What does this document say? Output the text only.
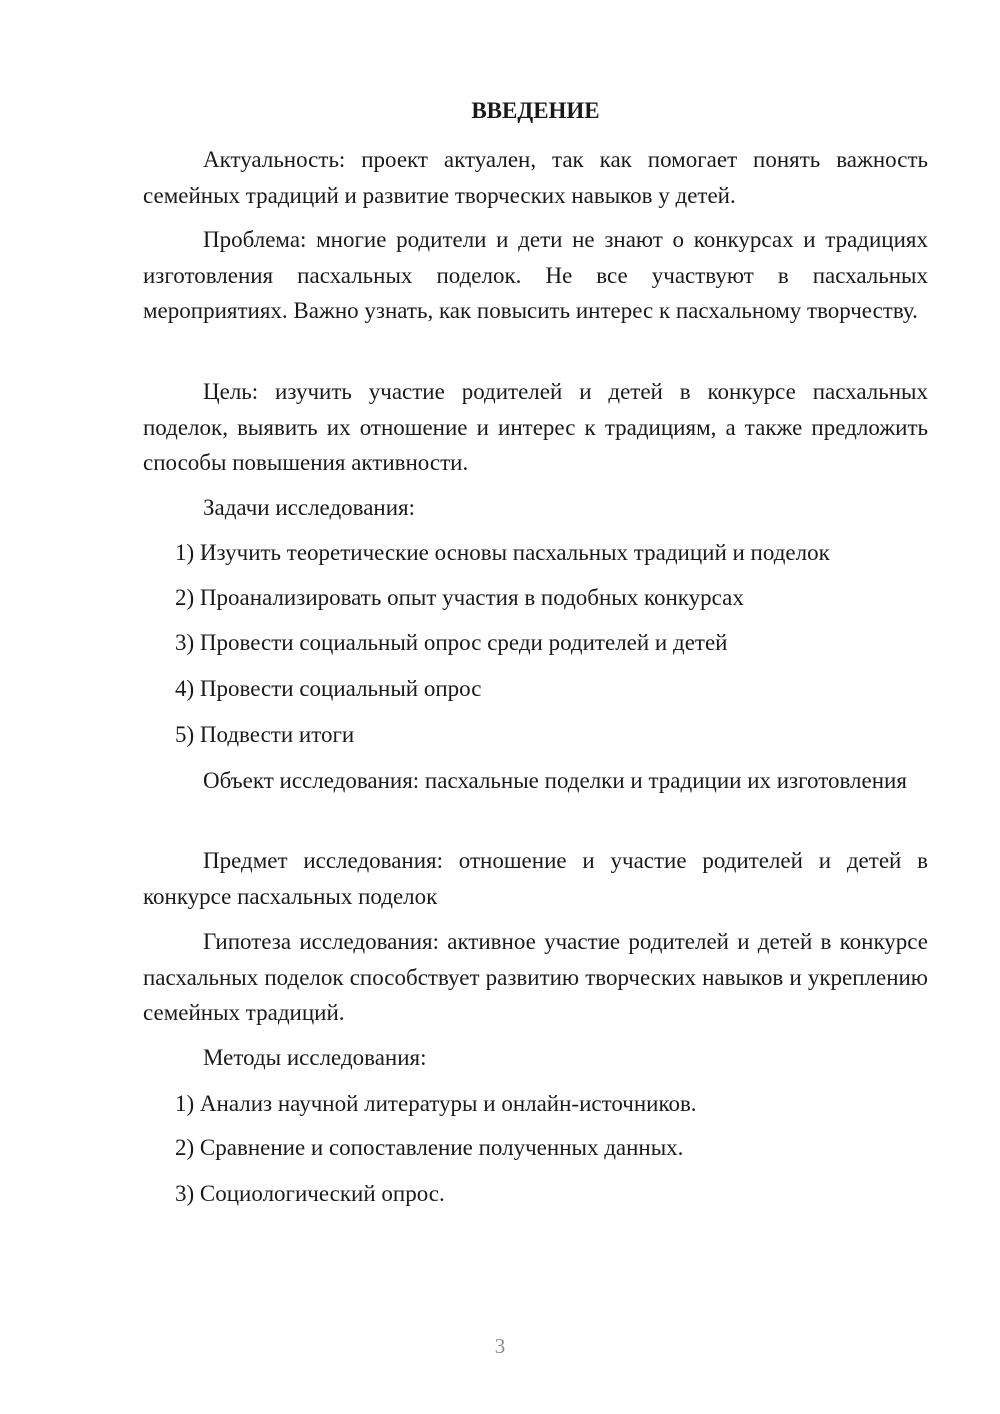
ВВЕДЕНИЕ

Актуальность: проект актуален, так как помогает понять важность семейных традиций и развитие творческих навыков у детей.

Проблема: многие родители и дети не знают о конкурсах и традициях изготовления пасхальных поделок. Не все участвуют в пасхальных мероприятиях. Важно узнать, как повысить интерес к пасхальному творчеству.

Цель: изучить участие родителей и детей в конкурсе пасхальных поделок, выявить их отношение и интерес к традициям, а также предложить способы повышения активности.

Задачи исследования:

1) Изучить теоретические основы пасхальных традиций и поделок

2) Проанализировать опыт участия в подобных конкурсах

3) Провести социальный опрос среди родителей и детей

4) Провести социальный опрос

5) Подвести итоги

Объект исследования: пасхальные поделки и традиции их изготовления

Предмет исследования: отношение и участие родителей и детей в конкурсе пасхальных поделок

Гипотеза исследования: активное участие родителей и детей в конкурсе пасхальных поделок способствует развитию творческих навыков и укреплению семейных традиций.

Методы исследования:

1) Анализ научной литературы и онлайн-источников.

2) Сравнение и сопоставление полученных данных.

3) Социологический опрос.

3
